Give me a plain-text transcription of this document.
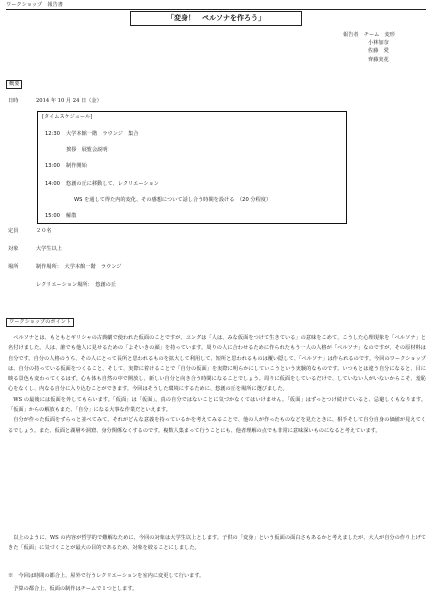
ワークショップ　報告書
「変身！　ペルソナを作ろう」
報告者　チーム　変形
小林加奈
佐藤　愛
齊藤実花
概要
日時	2014 年 10 月 24 日（金）
[タイムスケジュール]
12:30 大学本館一階　ラウンジ　集合
挨拶　展覧会説明
13:00 制作開始
14:00 悠創の丘に移動して、レクリエーション
WS を通して得た内的変化、その感想について話し合う時間を設ける　（20 分程度）
15:00 解散
定員	２０名
対象	大学生以上
場所	制作場所：　大学本館一階　ラウンジ
レクリエーション場所：　悠創の丘
ワークショップのポイント

　ペルソナとは、もともとギリシャの古典劇で使われた仮面のことですが、ユングは「人は、みな仮面をつけて生きている」の意味をこめて、こうした心理現象を「ペルソナ」と名付けました。人は、誰でも他人に見せるための「よそいきの顔」を持っています。周りの人に合わせるために作られたもう一人の人格が「ペルソナ」なのですが、その原材料は自分です。自分の人格のうち、その人にとって長所と思われるものを拡大して利用して、短所と思われるものは覆い隠して、「ペルソナ」は作られるのです。今回のワークショップは、自分の持っている仮面をつくること、そして、実際に着けることで「自分の仮面」を実際に明らかにしていこうという実験的なものです。いつもとは違う自分になると、目に映る景色も変わってくるはず。心も体も自然の中で開放し、新しい自分と向き合う時間になることでしょう。周りに仮面をしているだけで、していない人がいないからこそ、羞恥心をなくし、内なる自分に入り込むことができます。今回はそうした環境にするために、悠創の丘を場所に選びました。

　WS の最後には仮面を外してもらいます。「仮面」は「仮面」。真の自分ではないことに気づかなくてはいけません。「仮面」はずっとつけ続けていると、忌避しくもなります。「仮面」からの解放もまた、「自分」になる大事な作業だといえます。

　自分が作った仮面をずらっと並べてみて、それがどんな意義を持っているかを考えてみることで、他の人が作ったものなどを見たときに、相手そして自分自身の価値が見えてくるでしょう。また、仮面と湖層や洞窟、身分関係なくするのです。複数人集まって行うことにも、他者理解の点でも非常に意味深いものになると考えています。

　以上のように、WS の内容が哲学的で難解なために、今回の対象は大学生以上とします。子供の「変身」という仮面の面白さもあるかと考えましたが、大人が自分の作り上げてきた「仮面」に気づくことが最大の目的であるため、対象を絞ることにしました。
※　今回は時間の都合上、屋外で行うレクリエーションを室内に変更して行います。
　予算の都合上、仮面の制作はチームで１つとします。
